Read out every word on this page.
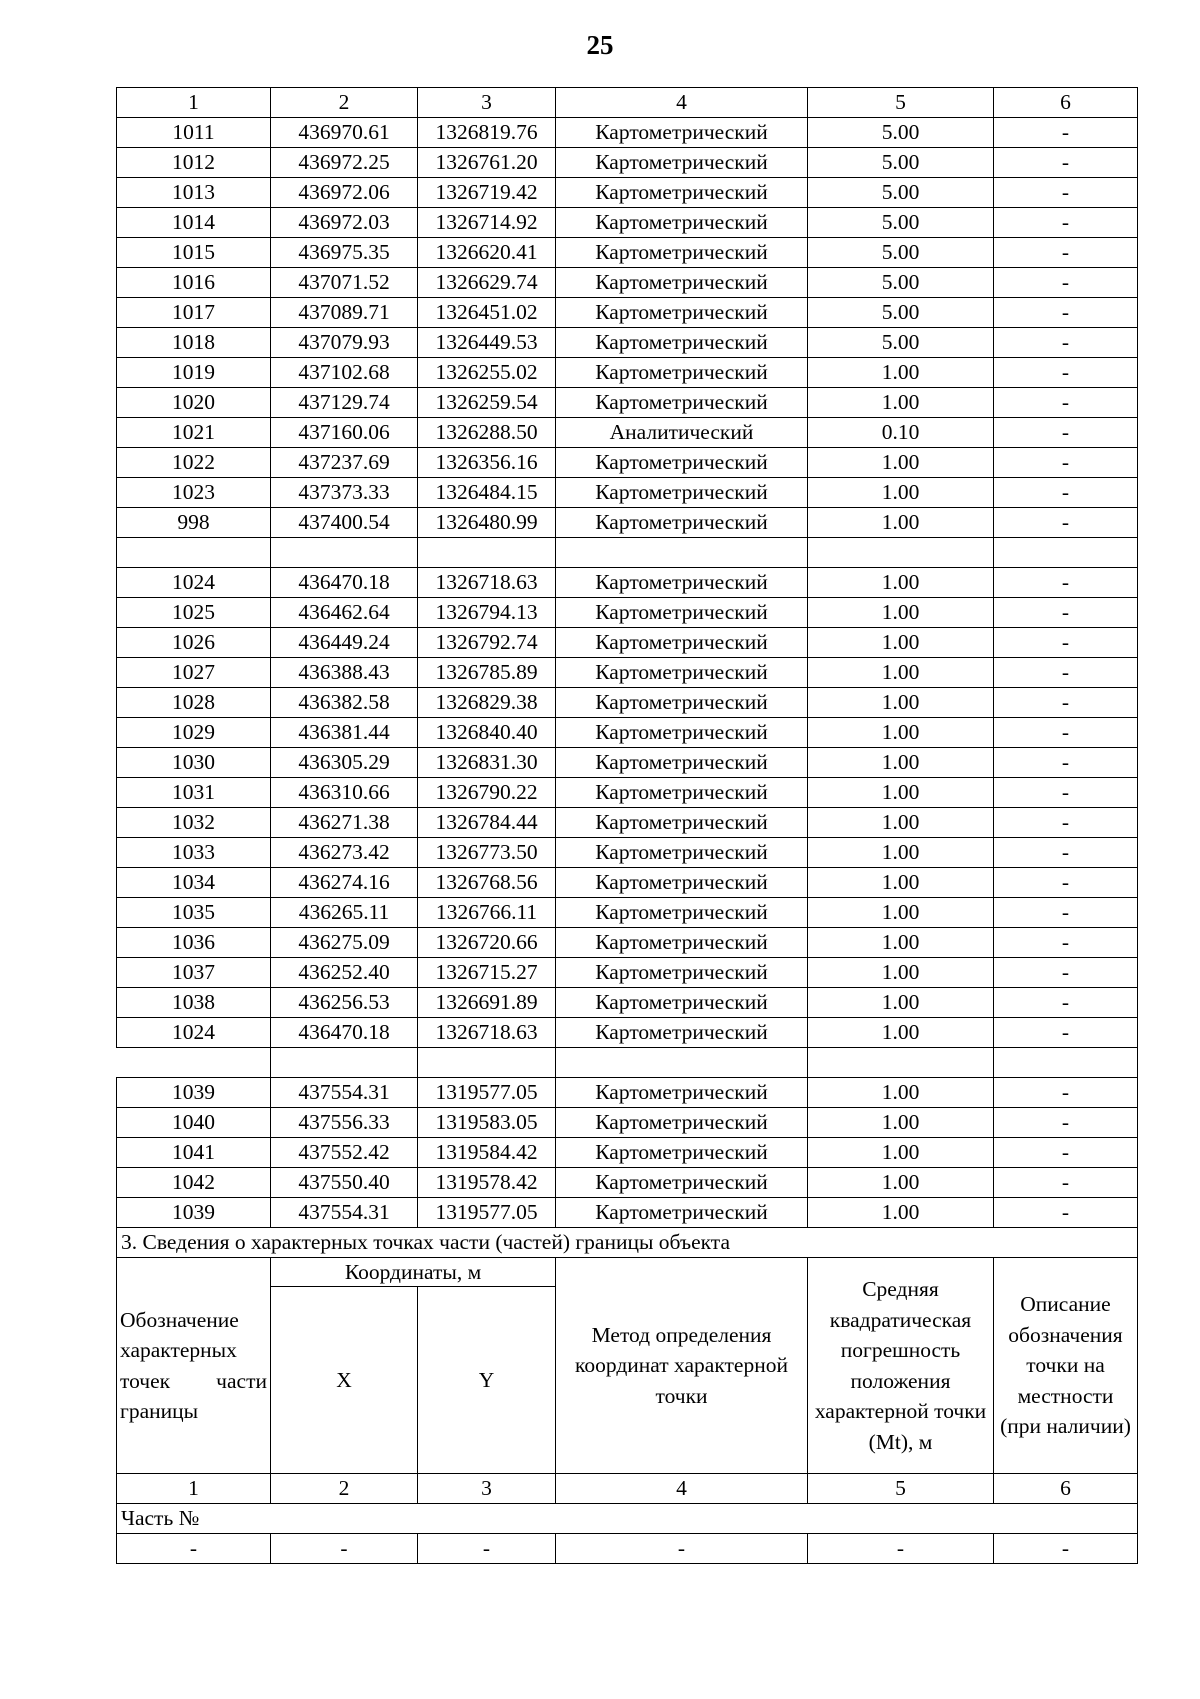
25
1	2	3	4	5	6
1011	436970.61	1326819.76	Картометрический	5.00	-
1012	436972.25	1326761.20	Картометрический	5.00	-
1013	436972.06	1326719.42	Картометрический	5.00	-
1014	436972.03	1326714.92	Картометрический	5.00	-
1015	436975.35	1326620.41	Картометрический	5.00	-
1016	437071.52	1326629.74	Картометрический	5.00	-
1017	437089.71	1326451.02	Картометрический	5.00	-
1018	437079.93	1326449.53	Картометрический	5.00	-
1019	437102.68	1326255.02	Картометрический	1.00	-
1020	437129.74	1326259.54	Картометрический	1.00	-
1021	437160.06	1326288.50	Аналитический	0.10	-
1022	437237.69	1326356.16	Картометрический	1.00	-
1023	437373.33	1326484.15	Картометрический	1.00	-
998	437400.54	1326480.99	Картометрический	1.00	-

1024	436470.18	1326718.63	Картометрический	1.00	-
1025	436462.64	1326794.13	Картометрический	1.00	-
1026	436449.24	1326792.74	Картометрический	1.00	-
1027	436388.43	1326785.89	Картометрический	1.00	-
1028	436382.58	1326829.38	Картометрический	1.00	-
1029	436381.44	1326840.40	Картометрический	1.00	-
1030	436305.29	1326831.30	Картометрический	1.00	-
1031	436310.66	1326790.22	Картометрический	1.00	-
1032	436271.38	1326784.44	Картометрический	1.00	-
1033	436273.42	1326773.50	Картометрический	1.00	-
1034	436274.16	1326768.56	Картометрический	1.00	-
1035	436265.11	1326766.11	Картометрический	1.00	-
1036	436275.09	1326720.66	Картометрический	1.00	-
1037	436252.40	1326715.27	Картометрический	1.00	-
1038	436256.53	1326691.89	Картометрический	1.00	-
1024	436470.18	1326718.63	Картометрический	1.00	-

1039	437554.31	1319577.05	Картометрический	1.00	-
1040	437556.33	1319583.05	Картометрический	1.00	-
1041	437552.42	1319584.42	Картометрический	1.00	-
1042	437550.40	1319578.42	Картометрический	1.00	-
1039	437554.31	1319577.05	Картометрический	1.00	-
3. Сведения о характерных точках части (частей) границы объекта					
Обозначение характерных точек части границы	Координаты, м		Метод определения координат характерной точки	Средняя квадратическая погрешность положения характерной точки (Mt), м	Описание обозначения точки на местности (при наличии)
	X	Y			
1	2	3	4	5	6
Часть №					
-	-	-	-	-	-
